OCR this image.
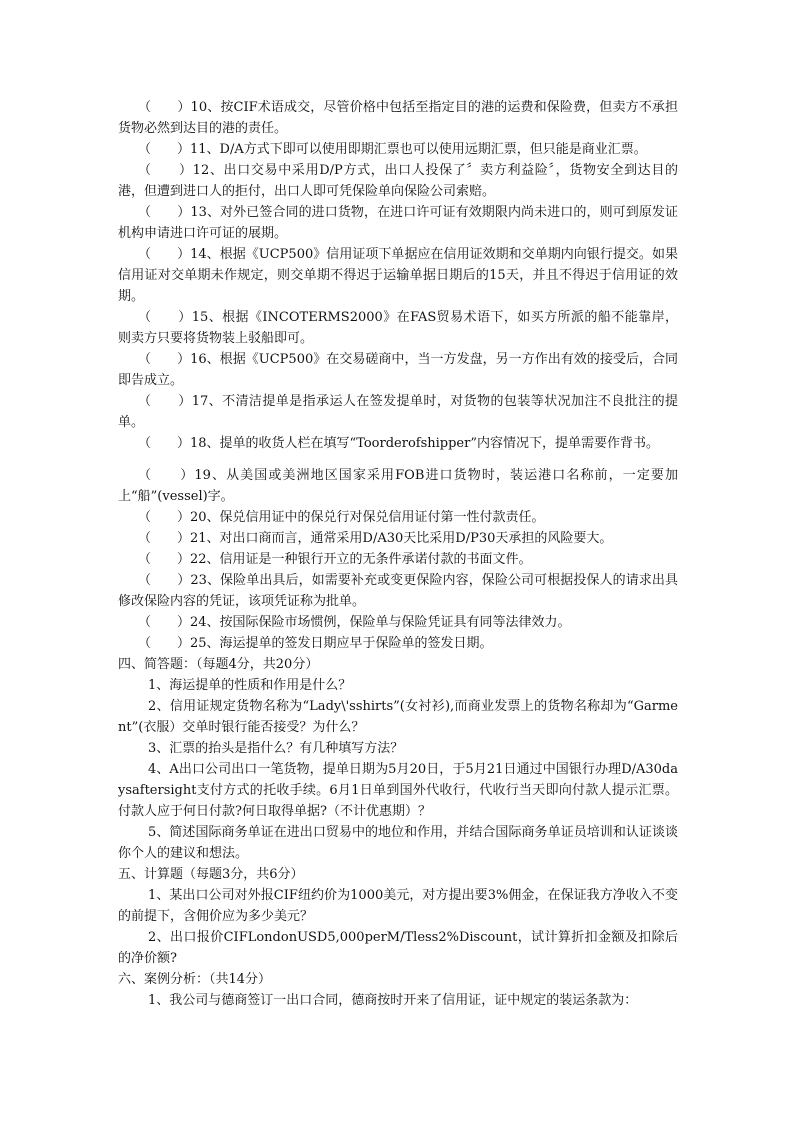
（　　）10、按CIF术语成交，尽管价格中包括至指定目的港的运费和保险费，但卖方不承担货物必然到达目的港的责任。

（　　）11、D/A方式下即可以使用即期汇票也可以使用远期汇票，但只能是商业汇票。

（　　）12、出口交易中采用D/P方式，出口人投保了〞卖方利益险〞，货物安全到达目的港，但遭到进口人的拒付，出口人即可凭保险单向保险公司索赔。

（　　）13、对外已签合同的进口货物，在进口许可证有效期限内尚未进口的，则可到原发证机构申请进口许可证的展期。

（　　）14、根据《UCP500》信用证项下单据应在信用证效期和交单期内向银行提交。如果信用证对交单期未作规定，则交单期不得迟于运输单据日期后的15天，并且不得迟于信用证的效期。

（　　）15、根据《INCOTERMS2000》在FAS贸易术语下，如买方所派的船不能靠岸，则卖方只要将货物装上驳船即可。

（　　）16、根据《UCP500》在交易磋商中，当一方发盘，另一方作出有效的接受后，合同即告成立。

（　　）17、不清洁提单是指承运人在签发提单时，对货物的包装等状况加注不良批注的提单。

（　　）18、提单的收货人栏在填写“Toorderofshipper”内容情况下，提单需要作背书。

（　　）19、从美国或美洲地区国家采用FOB进口货物时，装运港口名称前，一定要加上“船”(vessel)字。

（　　）20、保兑信用证中的保兑行对保兑信用证付第一性付款责任。

（　　）21、对出口商而言，通常采用D/A30天比采用D/P30天承担的风险要大。

（　　）22、信用证是一种银行开立的无条件承诺付款的书面文件。

（　　）23、保险单出具后，如需要补充或变更保险内容，保险公司可根据投保人的请求出具修改保险内容的凭证，该项凭证称为批单。

（　　）24、按国际保险市场惯例，保险单与保险凭证具有同等法律效力。

（　　）25、海运提单的签发日期应早于保险单的签发日期。

四、简答题：（每题4分，共20分）

1、海运提单的性质和作用是什么？

2、信用证规定货物名称为“Lady\'sshirts”(女衬衫),而商业发票上的货物名称却为“Garment”(衣服）交单时银行能否接受？为什么？

3、汇票的抬头是指什么？有几种填写方法？

4、A出口公司出口一笔货物，提单日期为5月20日，于5月21日通过中国银行办理D/A30daysaftersight支付方式的托收手续。6月1日单到国外代收行，代收行当天即向付款人提示汇票。付款人应于何日付款?何日取得单据?（不计优惠期）？

5、简述国际商务单证在进出口贸易中的地位和作用，并结合国际商务单证员培训和认证谈谈你个人的建议和想法。

五、计算题（每题3分，共6分）

1、某出口公司对外报CIF纽约价为1000美元，对方提出要3%佣金，在保证我方净收入不变的前提下，含佣价应为多少美元？

2、出口报价CIFLondonUSD5,000perM/Tless2%Discount，试计算折扣金额及扣除后的净价额?

六、案例分析：（共14分）

1、我公司与德商签订一出口合同，德商按时开来了信用证，证中规定的装运条款为：
